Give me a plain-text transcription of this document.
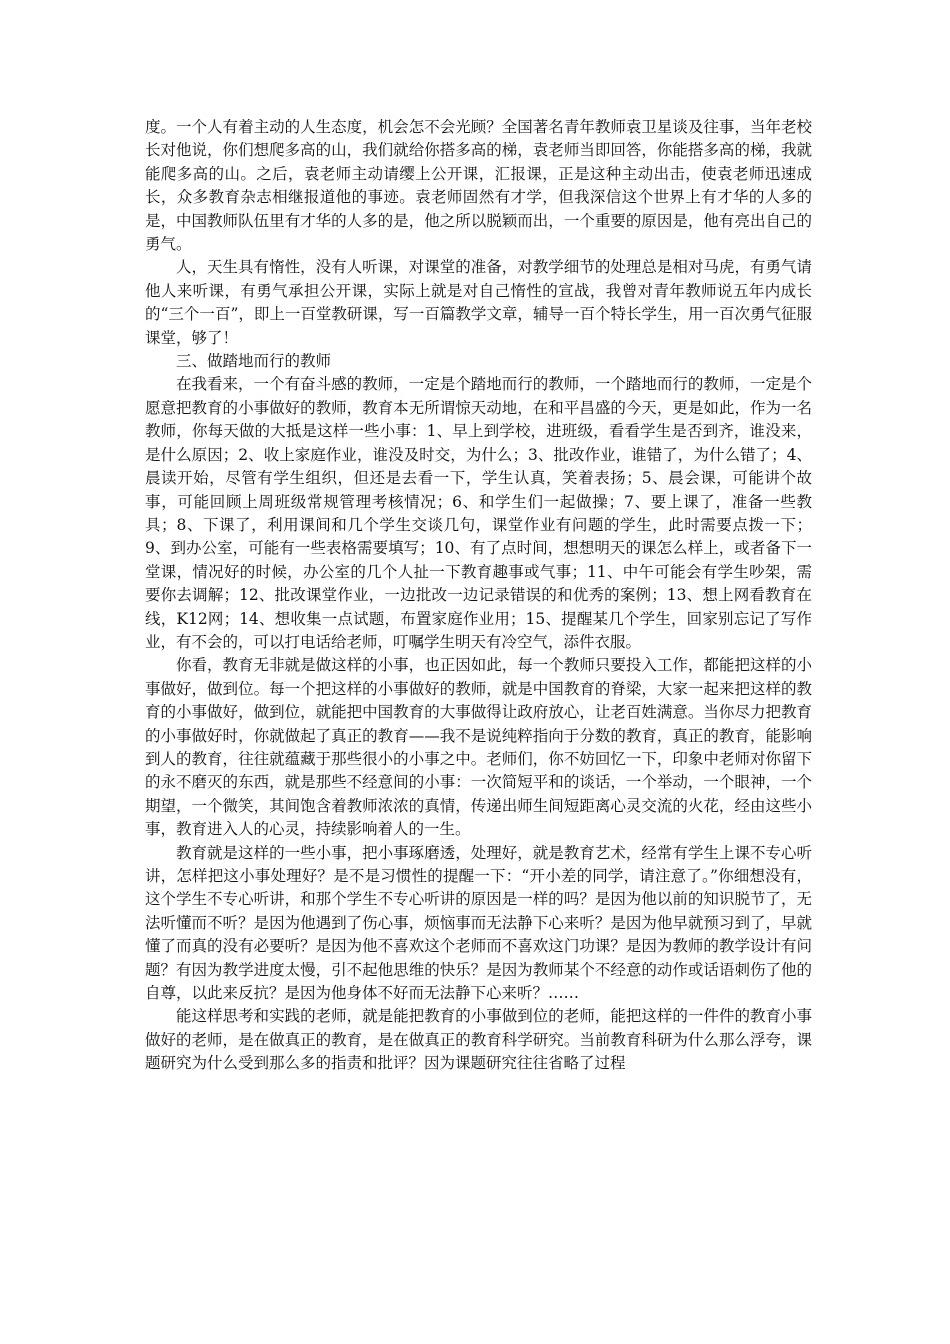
度。一个人有着主动的人生态度，机会怎不会光顾？全国著名青年教师袁卫星谈及往事，当年老校长对他说，你们想爬多高的山，我们就给你搭多高的梯，袁老师当即回答，你能搭多高的梯，我就能爬多高的山。之后，袁老师主动请缨上公开课，汇报课，正是这种主动出击，使袁老师迅速成长，众多教育杂志相继报道他的事迹。袁老师固然有才学，但我深信这个世界上有才华的人多的是，中国教师队伍里有才华的人多的是，他之所以脱颖而出，一个重要的原因是，他有亮出自己的勇气。

人，天生具有惰性，没有人听课，对课堂的准备，对教学细节的处理总是相对马虎，有勇气请他人来听课，有勇气承担公开课，实际上就是对自己惰性的宣战，我曾对青年教师说五年内成长的“三个一百”，即上一百堂教研课，写一百篇教学文章，辅导一百个特长学生，用一百次勇气征服课堂，够了！

三、做踏地而行的教师

在我看来，一个有奋斗感的教师，一定是个踏地而行的教师，一个踏地而行的教师，一定是个愿意把教育的小事做好的教师，教育本无所谓惊天动地，在和平昌盛的今天，更是如此，作为一名教师，你每天做的大抵是这样一些小事：1、早上到学校，进班级，看看学生是否到齐，谁没来，是什么原因；2、收上家庭作业，谁没及时交，为什么；3、批改作业，谁错了，为什么错了；4、晨读开始，尽管有学生组织，但还是去看一下，学生认真，笑着表扬；5、晨会课，可能讲个故事，可能回顾上周班级常规管理考核情况；6、和学生们一起做操；7、要上课了，准备一些教具；8、下课了，利用课间和几个学生交谈几句，课堂作业有问题的学生，此时需要点拨一下；9、到办公室，可能有一些表格需要填写；10、有了点时间，想想明天的课怎么样上，或者备下一堂课，情况好的时候，办公室的几个人扯一下教育趣事或气事；11、中午可能会有学生吵架，需要你去调解；12、批改课堂作业，一边批改一边记录错误的和优秀的案例；13、想上网看教育在线，K12网；14、想收集一点试题，布置家庭作业用；15、提醒某几个学生，回家别忘记了写作业，有不会的，可以打电话给老师，叮嘱学生明天有冷空气，添件衣服。

你看，教育无非就是做这样的小事，也正因如此，每一个教师只要投入工作，都能把这样的小事做好，做到位。每一个把这样的小事做好的教师，就是中国教育的脊梁，大家一起来把这样的教育的小事做好，做到位，就能把中国教育的大事做得让政府放心，让老百姓满意。当你尽力把教育的小事做好时，你就做起了真正的教育——我不是说纯粹指向于分数的教育，真正的教育，能影响到人的教育，往往就蕴藏于那些很小的小事之中。老师们，你不妨回忆一下，印象中老师对你留下的永不磨灭的东西，就是那些不经意间的小事：一次简短平和的谈话，一个举动，一个眼神，一个期望，一个微笑，其间饱含着教师浓浓的真情，传递出师生间短距离心灵交流的火花，经由这些小事，教育进入人的心灵，持续影响着人的一生。

教育就是这样的一些小事，把小事琢磨透，处理好，就是教育艺术，经常有学生上课不专心听讲，怎样把这小事处理好？是不是习惯性的提醒一下：“开小差的同学，请注意了。”你细想没有，这个学生不专心听讲，和那个学生不专心听讲的原因是一样的吗？是因为他以前的知识脱节了，无法听懂而不听？是因为他遇到了伤心事，烦恼事而无法静下心来听？是因为他早就预习到了，早就懂了而真的没有必要听？是因为他不喜欢这个老师而不喜欢这门功课？是因为教师的教学设计有问题？有因为教学进度太慢，引不起他思维的快乐？是因为教师某个不经意的动作或话语刺伤了他的自尊，以此来反抗？是因为他身体不好而无法静下心来听？……

能这样思考和实践的老师，就是能把教育的小事做到位的老师，能把这样的一件件的教育小事做好的老师，是在做真正的教育，是在做真正的教育科学研究。当前教育科研为什么那么浮夸，课题研究为什么受到那么多的指责和批评？因为课题研究往往省略了过程
